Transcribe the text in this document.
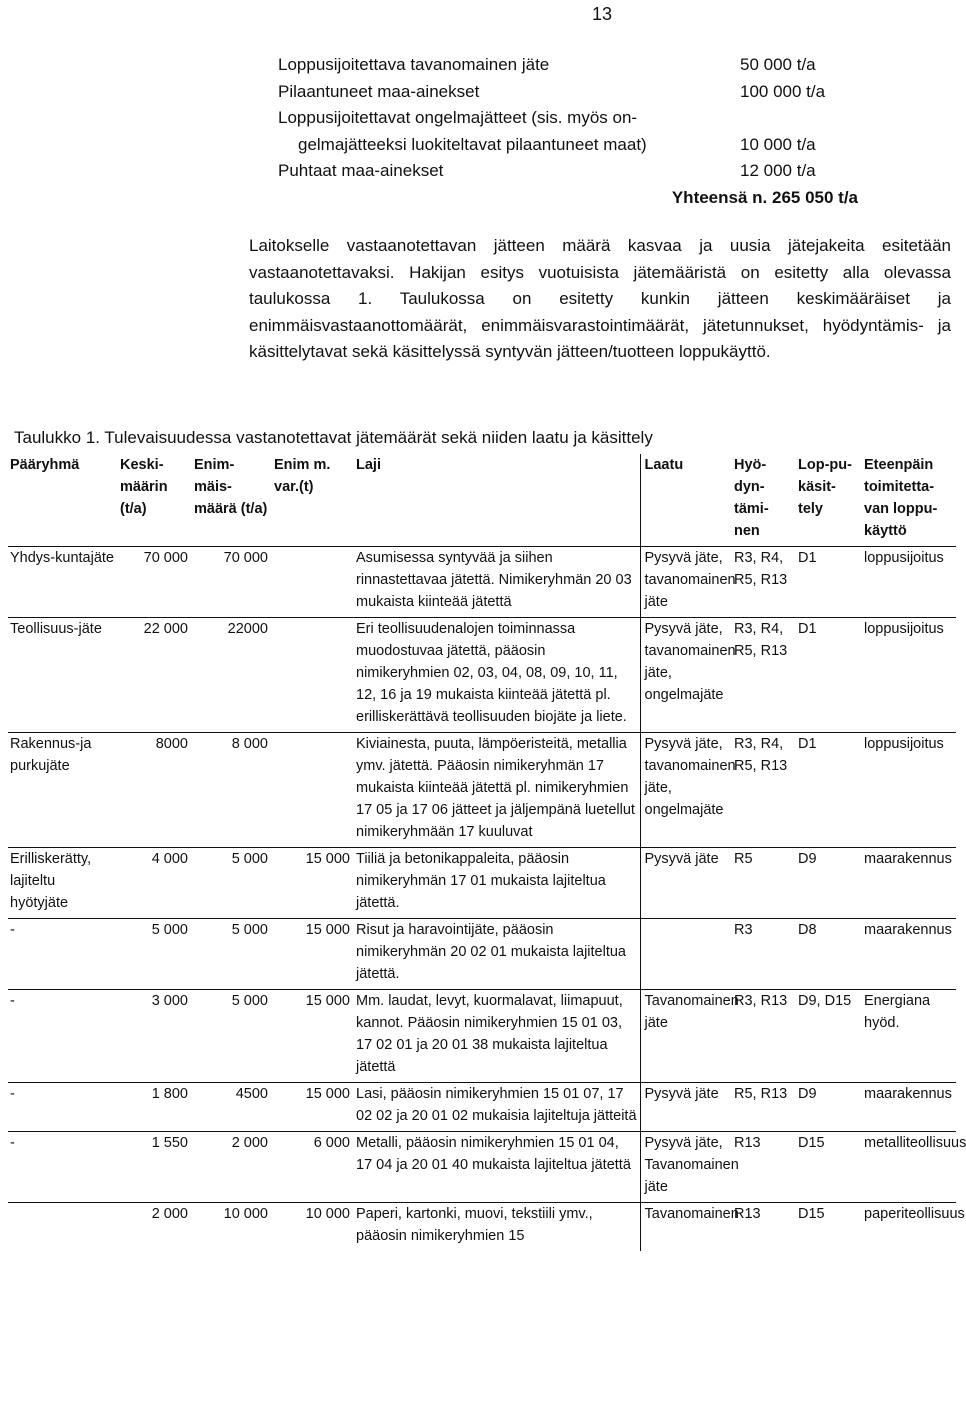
13
Loppusijoitettava tavanomainen jäte	50 000 t/a
Pilaantuneet maa-ainekset	100 000 t/a
Loppusijoitettavat ongelmajätteet (sis. myös on-
gelmajätteeksi luokiteltavat pilaantuneet maat)	10 000 t/a
Puhtaat maa-ainekset	12 000 t/a
Yhteensä n. 265 050 t/a
Laitokselle vastaanotettavan jätteen määrä kasvaa ja uusia jätejakeita esitetään vastaanotettavaksi. Hakijan esitys vuotuisista jätemääristä on esitetty alla olevassa taulukossa 1. Taulukossa on esitetty kunkin jätteen keskimääräiset ja enimmäisvastaanottomäärät, enimmäisvarastointimäärät, jätetunnukset, hyödyntämis- ja käsittelytavat sekä käsittelyssä syntyvän jätteen/tuotteen loppukäyttö.
Taulukko 1. Tulevaisuudessa vastanotettavat jätemäärät sekä niiden laatu ja käsittely
Pääryhmä	Keski-määrin (t/a)	Enim-mäis-määrä (t/a)	Enim m. var.(t)	Laji	Laatu	Hyö-dyn-tämi-nen	Lop-pu-käsit-tely	Eteenpäin toimitetta-van loppu-käyttö
Yhdys-kuntajäte	70 000	70 000		Asumisessa syntyvää ja siihen rinnastettavaa jätettä. Nimikeryhmän 20 03 mukaista kiinteää jätettä	Pysyvä jäte, tavanomainen jäte	R3, R4, R5, R13	D1	loppusijoitus
Teollisuus-jäte	22 000	22000		Eri teollisuudenalojen toiminnassa muodostuvaa jätettä, pääosin nimikeryhmien 02, 03, 04, 08, 09, 10, 11, 12, 16 ja 19 mukaista kiinteää jätettä pl. erilliskerättävä teollisuuden biojäte ja liete.	Pysyvä jäte, tavanomainen jäte, ongelmajäte	R3, R4, R5, R13	D1	loppusijoitus
Rakennus-ja purkujäte	8000	8 000		Kiviainesta, puuta, lämpöeristeitä, metallia ymv. jätettä. Pääosin nimikeryhmän 17 mukaista kiinteää jätettä pl. nimikeryhmien 17 05 ja 17 06 jätteet ja jäljempänä luetellut nimikeryhmään 17 kuuluvat	Pysyvä jäte, tavanomainen jäte, ongelmajäte	R3, R4, R5, R13	D1	loppusijoitus
Erilliskerätty, lajiteltu hyötyjäte	4 000	5 000	15 000	Tiiliä ja betonikappaleita, pääosin nimikeryhmän 17 01 mukaista lajiteltua jätettä.	Pysyvä jäte	R5	D9	maarakennus
-	5 000	5 000	15 000	Risut ja haravointijäte, pääosin nimikeryhmän 20 02 01 mukaista lajiteltua jätettä.		R3	D8	maarakennus
-	3 000	5 000	15 000	Mm. laudat, levyt, kuormalavat, liimapuut, kannot. Pääosin nimikeryhmien 15 01 03, 17 02 01 ja 20 01 38 mukaista lajiteltua jätettä	Tavanomainen jäte	R3, R13	D9, D15	Energiana hyöd.
-	1 800	4500	15 000	Lasi, pääosin nimikeryhmien 15 01 07, 17 02 02 ja 20 01 02 mukaisia lajiteltuja jätteitä	Pysyvä jäte	R5, R13	D9	maarakennus
-	1 550	2 000	6 000	Metalli, pääosin nimikeryhmien 15 01 04, 17 04 ja 20 01 40 mukaista lajiteltua jätettä	Pysyvä jäte, Tavanomainen jäte	R13	D15	metalliteollisuus
	2 000	10 000	10 000	Paperi, kartonki, muovi, tekstiili ymv., pääosin nimikeryhmien 15	Tavanomainen	R13	D15	paperiteollisuus
